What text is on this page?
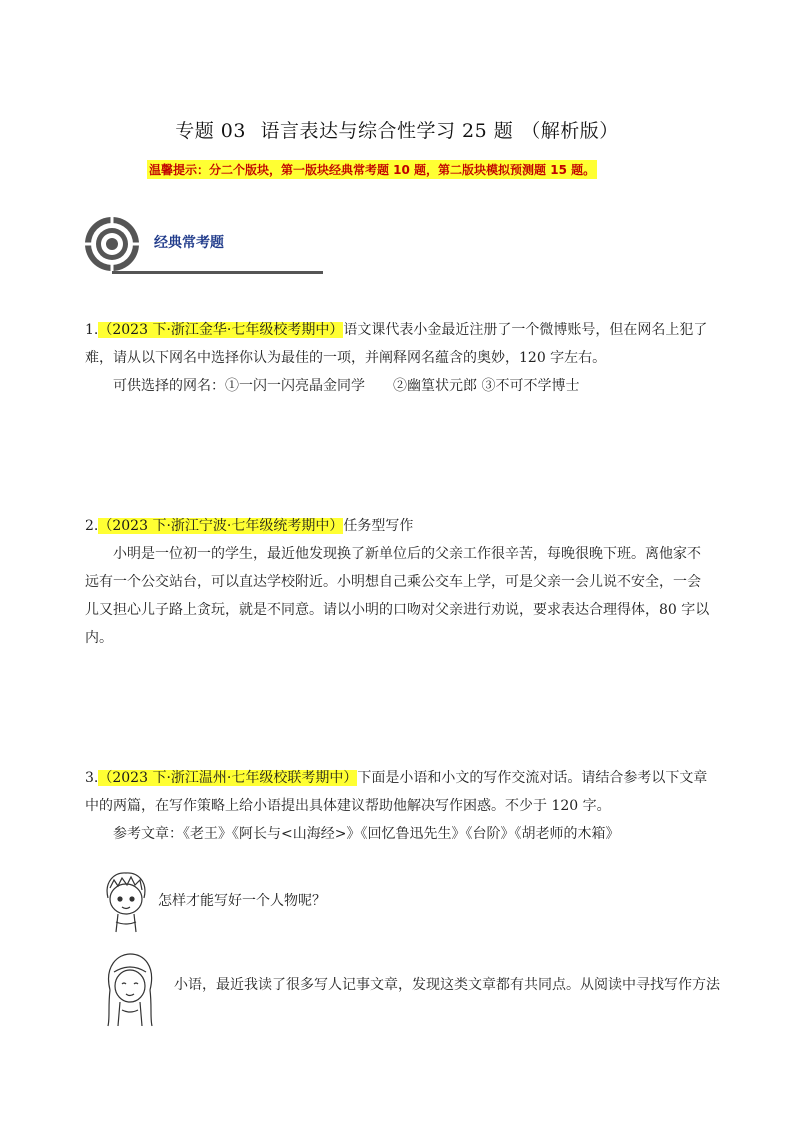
专题 03 语言表达与综合性学习 25 题 （解析版）
温馨提示：分二个版块，第一版块经典常考题 10 题，第二版块模拟预测题 15 题。
经典常考题

1.（2023 下·浙江金华·七年级校考期中）语文课代表小金最近注册了一个微博账号，但在网名上犯了难，请从以下网名中选择你认为最佳的一项，并阐释网名蕴含的奥妙，120 字左右。

可供选择的网名：①一闪一闪亮晶金同学　　②幽篁状元郎 ③不可不学博士

2.（2023 下·浙江宁波·七年级统考期中）任务型写作

小明是一位初一的学生，最近他发现换了新单位后的父亲工作很辛苦，每晚很晚下班。离他家不远有一个公交站台，可以直达学校附近。小明想自己乘公交车上学，可是父亲一会儿说不安全，一会儿又担心儿子路上贪玩，就是不同意。请以小明的口吻对父亲进行劝说，要求表达合理得体，80 字以内。

3.（2023 下·浙江温州·七年级校联考期中）下面是小语和小文的写作交流对话。请结合参考以下文章中的两篇，在写作策略上给小语提出具体建议帮助他解决写作困惑。不少于 120 字。

参考文章：《老王》《阿长与<山海经>》《回忆鲁迅先生》《台阶》《胡老师的木箱》

怎样才能写好一个人物呢？
小语，最近我读了很多写人记事文章，发现这类文章都有共同点。从阅读中寻找写作方法
